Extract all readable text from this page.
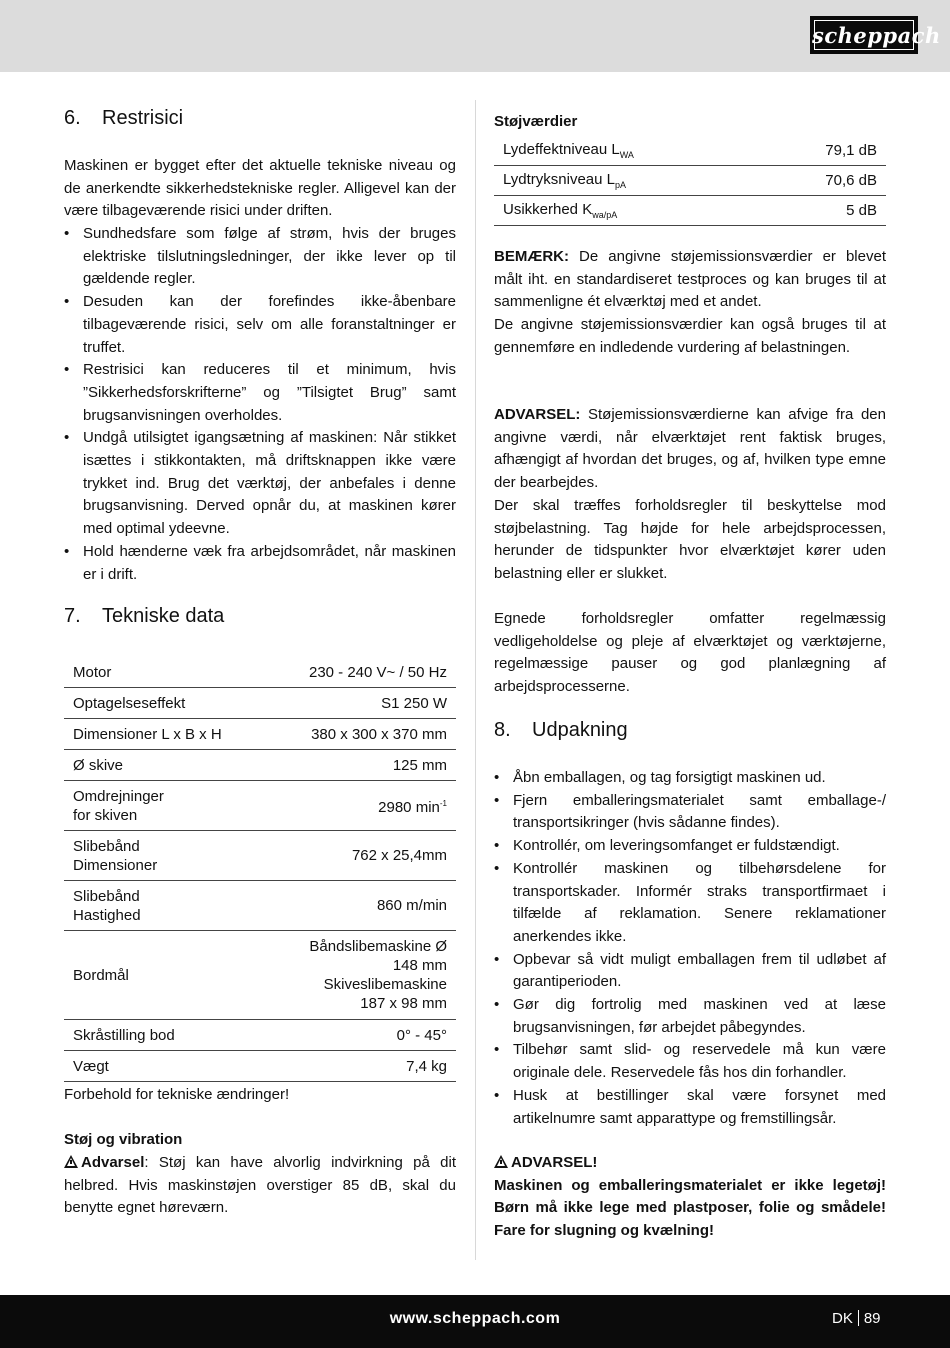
scheppach
6. Restrisici

Maskinen er bygget efter det aktuelle tekniske niveau og de anerkendte sikkerhedstekniske regler. Alligevel kan der være tilbageværende risici under driften.

• Sundhedsfare som følge af strøm, hvis der bruges elektriske tilslutningsledninger, der ikke lever op til gældende regler.
• Desuden kan der forefindes ikke-åbenbare tilbageværende risici, selv om alle foranstaltninger er truffet.
• Restrisici kan reduceres til et minimum, hvis ”Sikkerhedsforskrifterne” og ”Tilsigtet Brug” samt brugsanvisningen overholdes.
• Undgå utilsigtet igangsætning af maskinen: Når stikket isættes i stikkontakten, må driftsknappen ikke være trykket ind. Brug det værktøj, der anbefales i denne brugsanvisning. Derved opnår du, at maskinen kører med optimal ydeevne.
• Hold hænderne væk fra arbejdsområdet, når maskinen er i drift.
7. Tekniske data
Motor	230 - 240 V~ / 50 Hz
Optagelseseffekt	S1 250 W
Dimensioner L x B x H	380 x 300 x 370 mm
Ø skive	125 mm
Omdrejninger
for skiven	2980 $\min^{-1}$
Slibebånd
Dimensioner	762 x 25,4mm
Slibebånd
Hastighed	860 m/min
Bordmål	Båndslibemaskine Ø
148 mm
Skiveslibemaskine
187 x 98 mm
Skråstilling bod	0° - 45°
Vægt	7,4 kg

Forbehold for tekniske ændringer!

Støj og vibration

Advarsel: Støj kan have alvorlig indvirkning på dit helbred. Hvis maskinstøjen overstiger 85 dB, skal du benytte egnet høreværn.

Støjværdier

Lydeffektniveau $L_{WA}$	79,1 dB
Lydtryksniveau $L_{pA}$	70,6 dB
Usikkerhed $K_{wa/pA}$	5 dB

BEMÆRK: De angivne støjemissionsværdier er blevet målt iht. en standardiseret testproces og kan bruges til at sammenligne ét elværktøj med et andet.
De angivne støjemissionsværdier kan også bruges til at gennemføre en indledende vurdering af belastningen.

ADVARSEL: Støjemissionsværdierne kan afvige fra den angivne værdi, når elværktøjet rent faktisk bruges, afhængigt af hvordan det bruges, og af, hvilken type emne der bearbejdes.
Der skal træffes forholdsregler til beskyttelse mod støjbelastning. Tag højde for hele arbejdsprocessen, herunder de tidspunkter hvor elværktøjet kører uden belastning eller er slukket.

Egnede forholdsregler omfatter regelmæssig vedligeholdelse og pleje af elværktøjet og værktøjerne, regelmæssige pauser og god planlægning af arbejdsprocesserne.

8. Udpakning
• Åbn emballagen, og tag forsigtigt maskinen ud.
• Fjern emballeringsmaterialet samt emballage-/ transportsikringer (hvis sådanne findes).
• Kontrollér, om leveringsomfanget er fuldstændigt.
• Kontrollér maskinen og tilbehørsdelene for transportskader. Informér straks transportfirmaet i tilfælde af reklamation. Senere reklamationer anerkendes ikke.
• Opbevar så vidt muligt emballagen frem til udløbet af garantiperioden.
• Gør dig fortrolig med maskinen ved at læse brugsanvisningen, før arbejdet påbegyndes.
• Tilbehør samt slid- og reservedele må kun være originale dele. Reservedele fås hos din forhandler.
• Husk at bestillinger skal være forsynet med artikelnumre samt apparattype og fremstillingsår.

ADVARSEL!
Maskinen og emballeringsmaterialet er ikke legetøj! Børn må ikke lege med plastposer, folie og smådele! Fare for slugning og kvælning!

www.scheppach.com	DK 89
